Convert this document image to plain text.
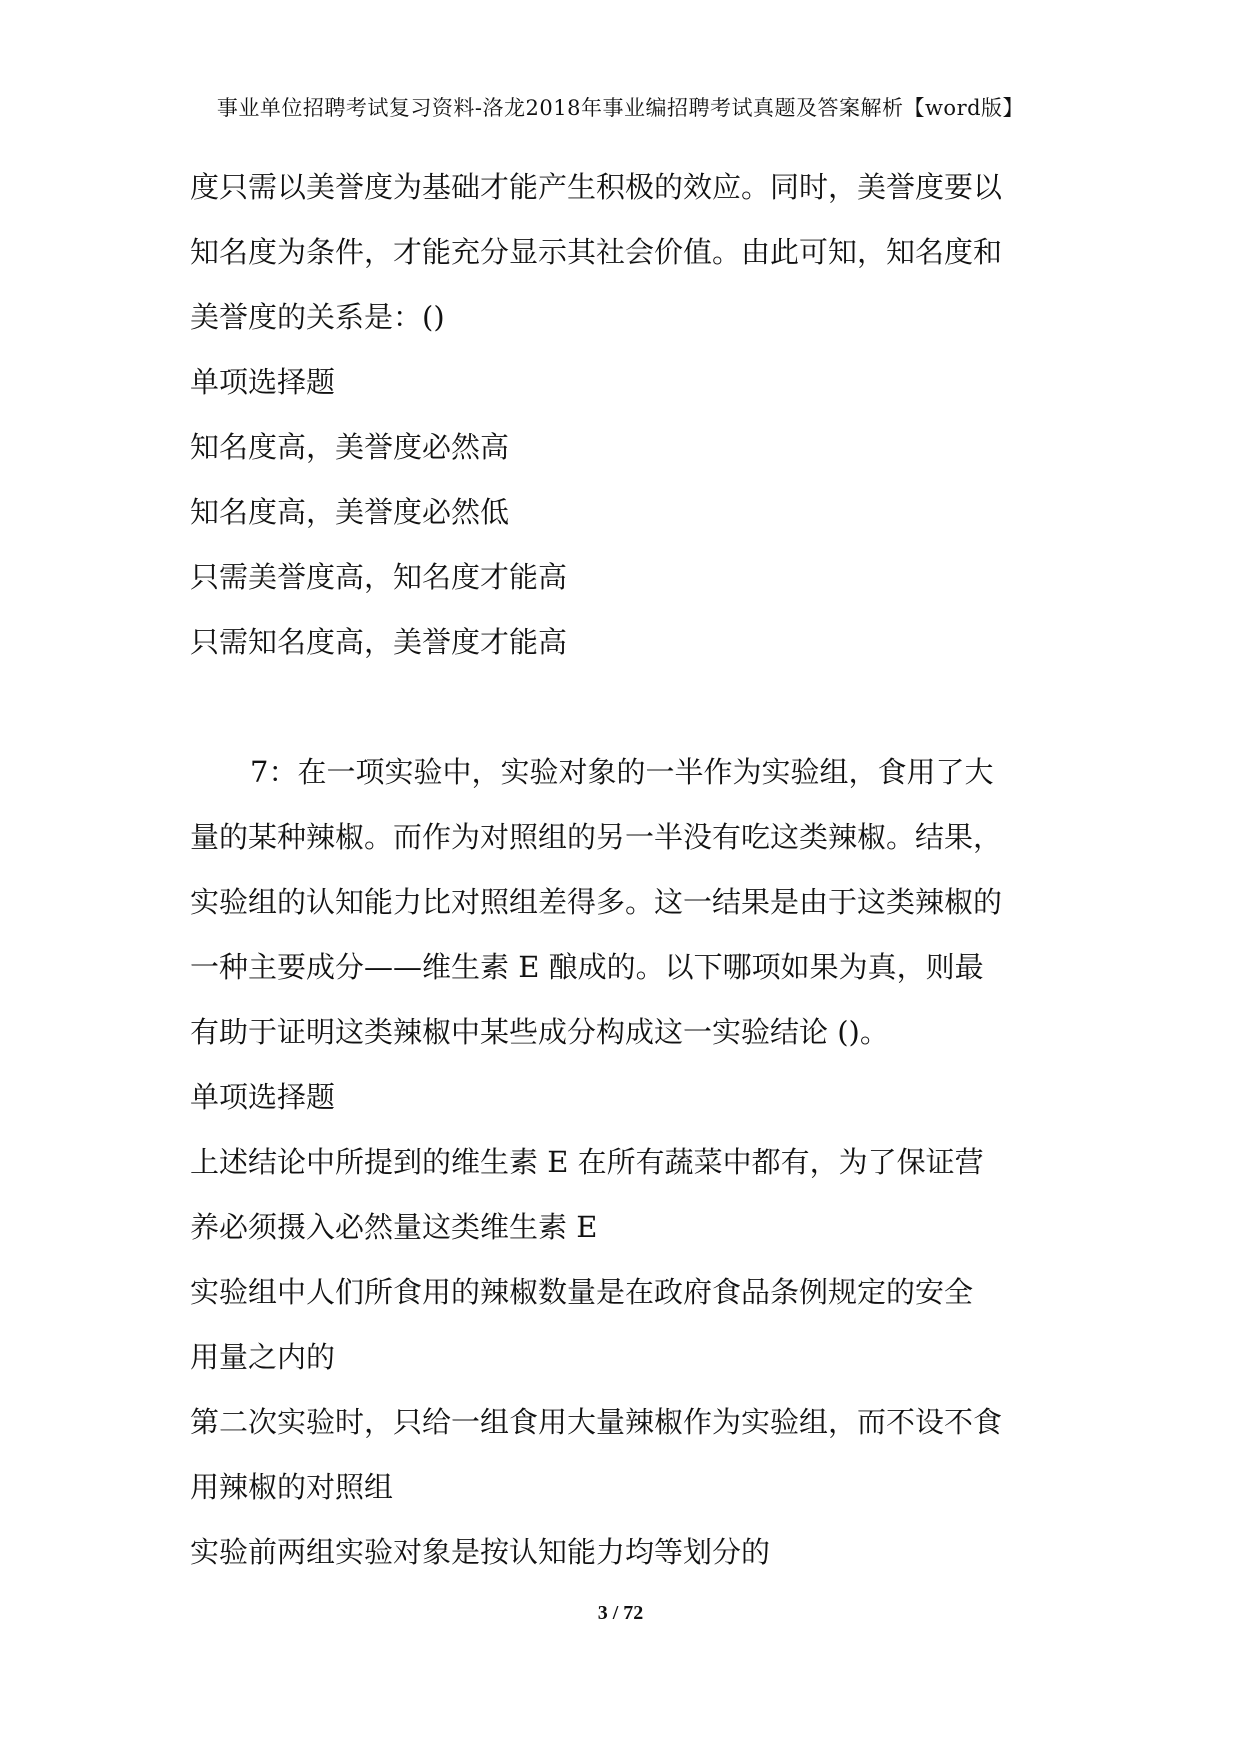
事业单位招聘考试复习资料-洛龙2018年事业编招聘考试真题及答案解析【word版】
度只需以美誉度为基础才能产生积极的效应。同时，美誉度要以
知名度为条件，才能充分显示其社会价值。由此可知，知名度和
美誉度的关系是：()
单项选择题
知名度高，美誉度必然高
知名度高，美誉度必然低
只需美誉度高，知名度才能高
只需知名度高，美誉度才能高
7：在一项实验中，实验对象的一半作为实验组，食用了大
量的某种辣椒。而作为对照组的另一半没有吃这类辣椒。结果，
实验组的认知能力比对照组差得多。这一结果是由于这类辣椒的
一种主要成分——维生素 E 酿成的。以下哪项如果为真，则最
有助于证明这类辣椒中某些成分构成这一实验结论 ()。
单项选择题
上述结论中所提到的维生素 E 在所有蔬菜中都有，为了保证营
养必须摄入必然量这类维生素 E
实验组中人们所食用的辣椒数量是在政府食品条例规定的安全
用量之内的
第二次实验时，只给一组食用大量辣椒作为实验组，而不设不食
用辣椒的对照组
实验前两组实验对象是按认知能力均等划分的
3 / 72
